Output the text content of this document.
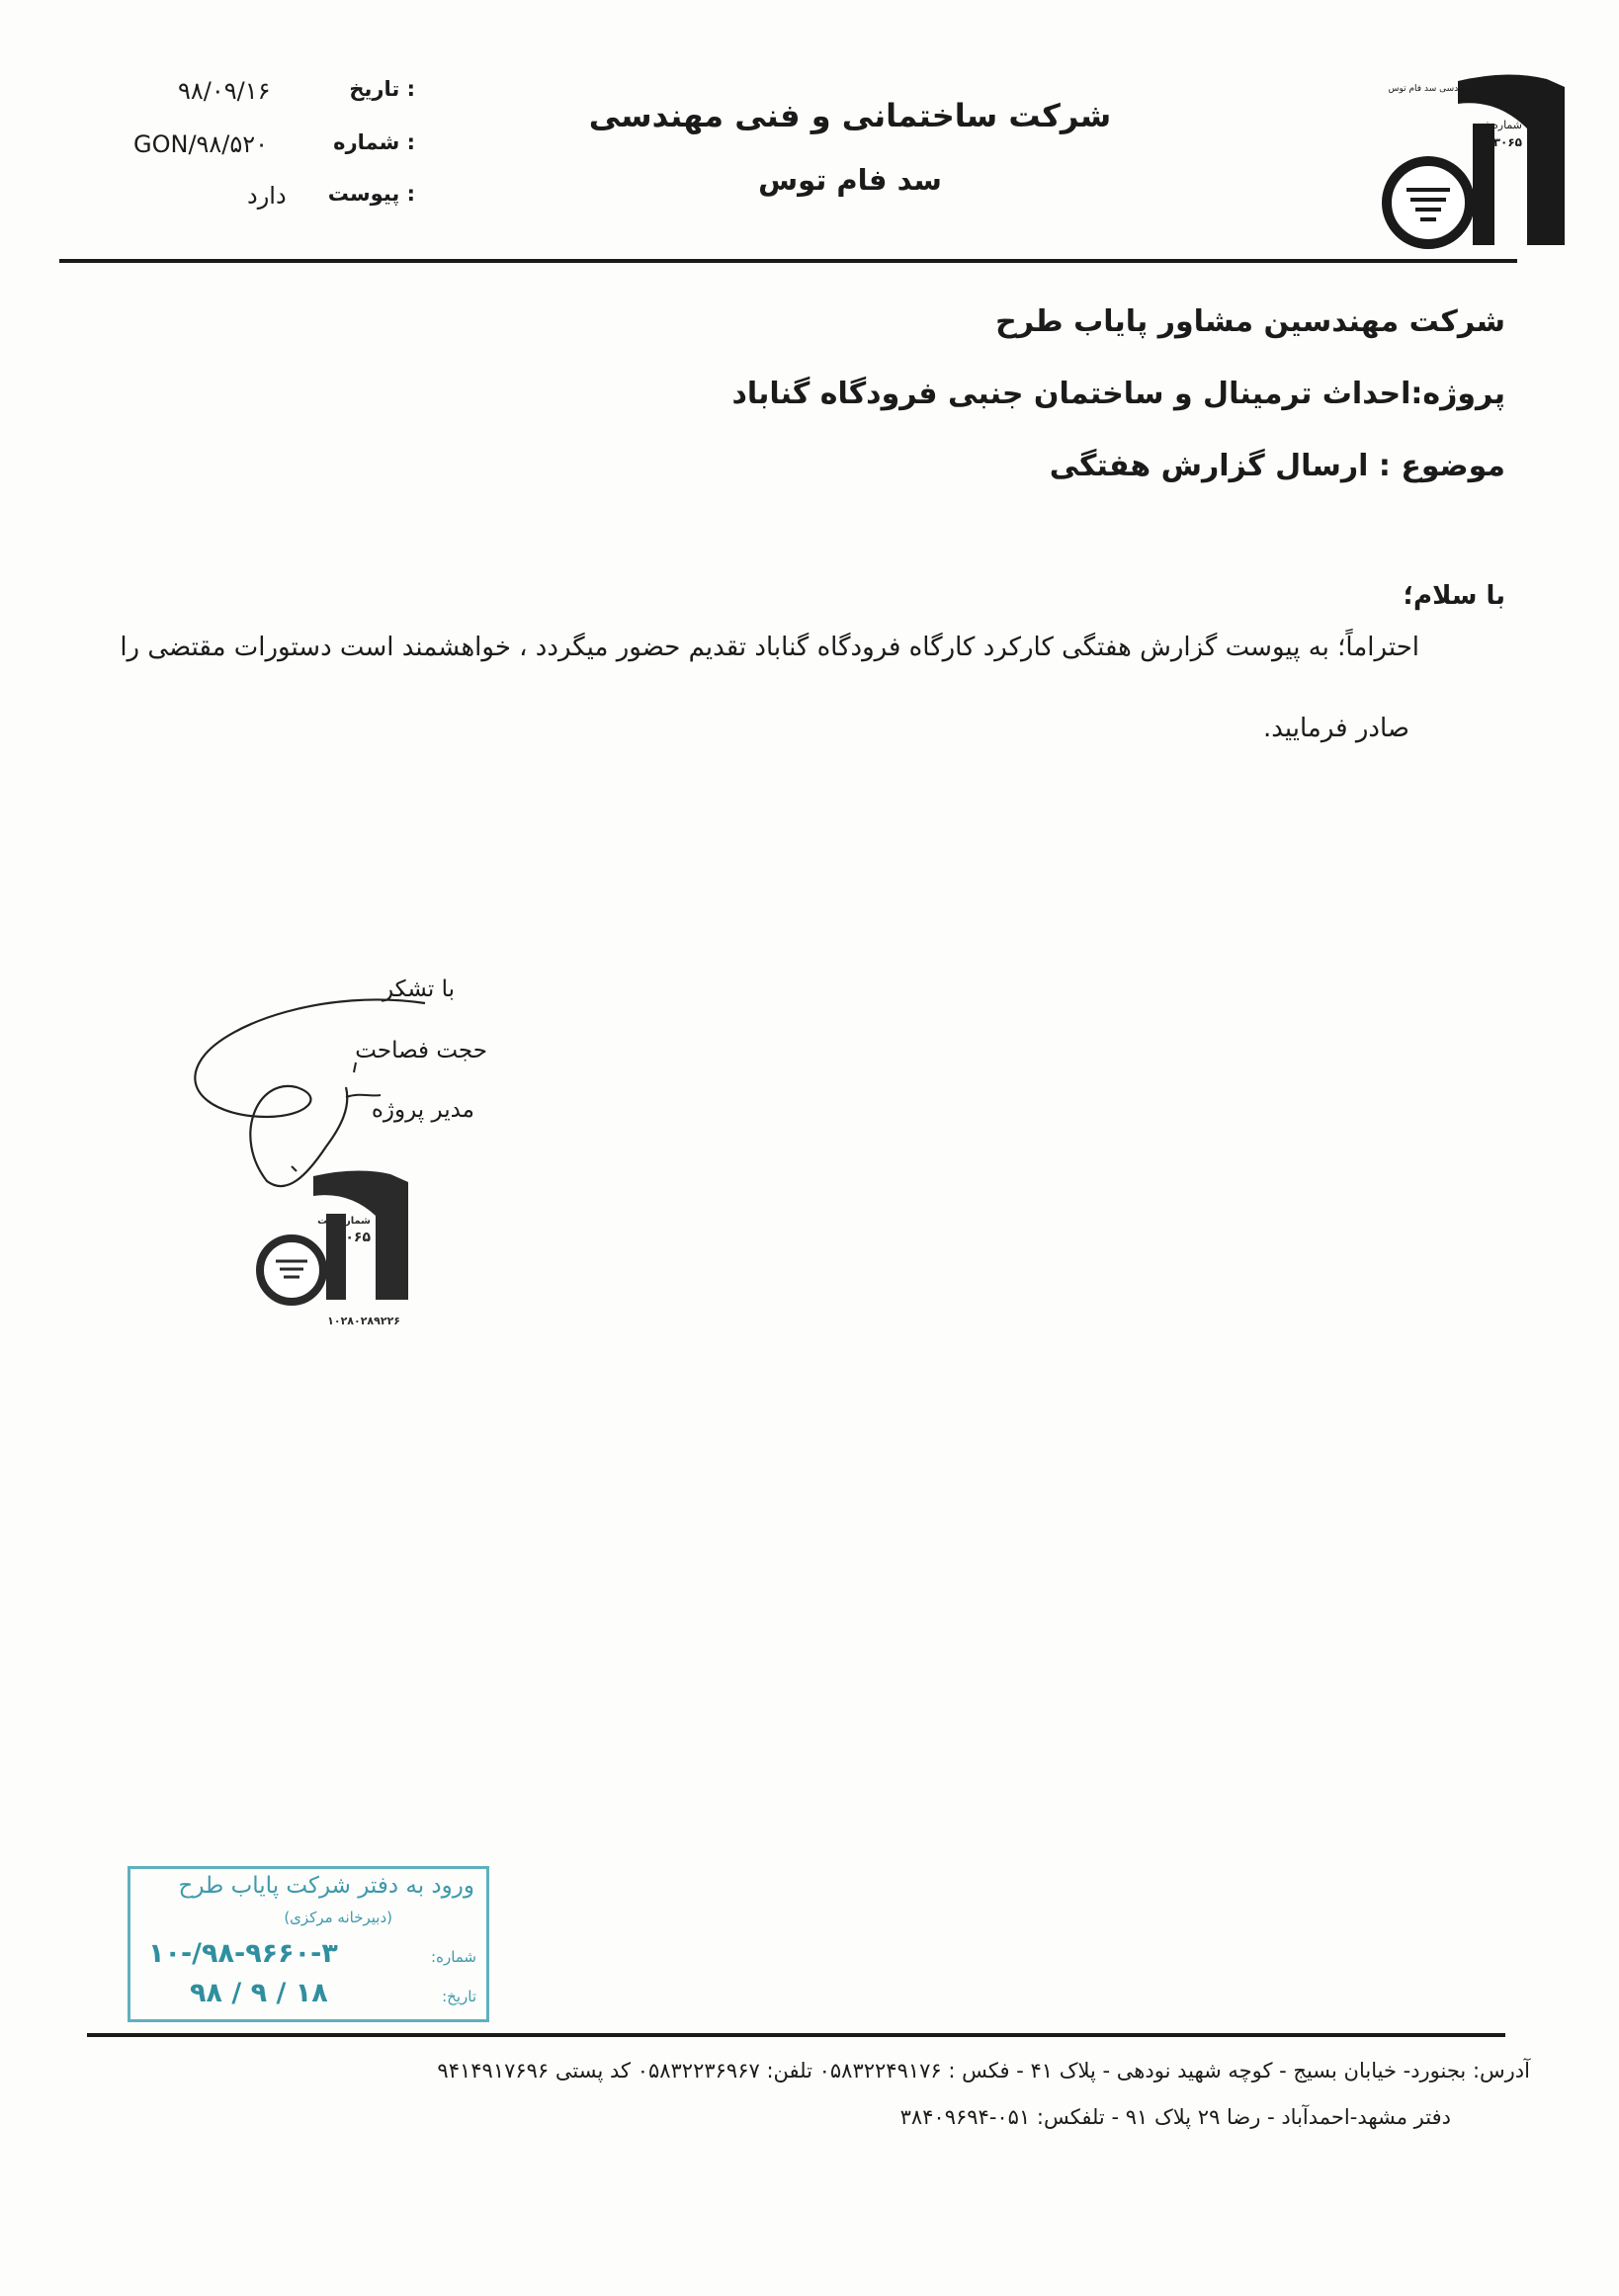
تاریخ :
۹۸/۰۹/۱۶
شماره :
GON/۹۸/۵۲۰
پیوست :
دارد
شرکت ساختمانی و فنی مهندسی
سد فام توس
شرکت ساختمانی و فنی مهندسی سد فام توس
شماره ثبت
۳۰۶۵
شرکت مهندسین مشاور پایاب طرح
پروژه:احداث ترمینال و ساختمان جنبی فرودگاه گناباد
موضوع : ارسال گزارش هفتگی
با سلام؛
احتراماً؛ به پیوست گزارش هفتگی کارکرد کارگاه فرودگاه گناباد تقدیم حضور میگردد ، خواهشمند است دستورات مقتضی را
صادر فرمایید.
با تشکر
حجت فصاحت
مدیر پروژه
شماره ثبت
۳۰۶۵
۱۰۲۸۰۲۸۹۲۲۶
ورود به دفتر شرکت پایاب طرح
(دبیرخانه مرکزی)
شماره:
۱۰-/۹۸-۹۶۶۰-۳
تاریخ:
۹۸ / ۹ / ۱۸
آدرس: بجنورد- خیابان بسیج - کوچه شهید نودهی - پلاک ۴۱ - فکس : ۰۵۸۳۲۲۴۹۱۷۶ تلفن: ۰۵۸۳۲۲۳۶۹۶۷ کد پستی ۹۴۱۴۹۱۷۶۹۶
دفتر مشهد-احمدآباد - رضا ۲۹ پلاک ۹۱ - تلفکس: ۰۵۱-۳۸۴۰۹۶۹۴
